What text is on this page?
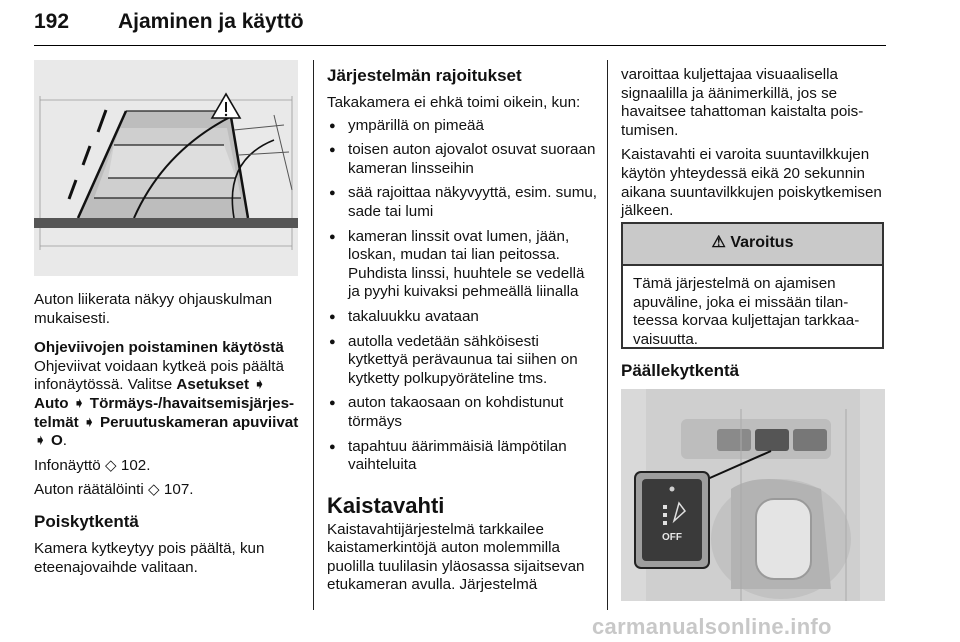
192 Ajaminen ja käyttö

Auton liikerata näkyy ohjauskulman mukaisesti.

Ohjeviivojen poistaminen käytöstä

Ohjeviivat voidaan kytkeä pois päältä infonäytössä. Valitse Asetukset ➧ Auto ➧ Törmäys-/havaitsemisjärjestelmät ➧ Peruutuskameran apuviivat ➧ O.

Infonäyttö ◇ 102.

Auton räätälöinti ◇ 107.

Poiskytkentä

Kamera kytkeytyy pois päältä, kun eteenajovaihde valitaan.

Järjestelmän rajoitukset

Takakamera ei ehkä toimi oikein, kun:

● ympärillä on pimeää
● toisen auton ajovalot osuvat suoraan kameran linsseihin
● sää rajoittaa näkyvyyttä, esim. sumu, sade tai lumi
● kameran linssit ovat lumen, jään, loskan, mudan tai lian peitossa. Puhdista linssi, huuhtele se vedellä ja pyyhi kuivaksi pehmeällä liinalla
● takaluukku avataan
● autolla vedetään sähköisesti kytkettyä perävaunua tai siihen on kytketty polkupyöräteline tms.
● auton takaosaan on kohdistunut törmäys
● tapahtuu äärimmäisiä lämpötilan vaihteluita

Kaistavahti

Kaistavahtijärjestelmä tarkkailee kaistamerkintöjä auton molemmilla puolilla tuulilasin yläosassa sijaitsevan etukameran avulla. Järjestelmä

varoittaa kuljettajaa visuaalisella signaalilla ja äänimerkillä, jos se havaitsee tahattoman kaistalta poistumisen.

Kaistavahti ei varoita suuntavilkkujen käytön yhteydessä eikä 20 sekunnin aikana suuntavilkkujen poiskytkemisen jälkeen.

⚠ Varoitus
Tämä järjestelmä on ajamisen apuväline, joka ei missään tilanteessa korvaa kuljettajan tarkkaavaisuutta.
Päällekytkentä
OFF
carmanualsonline.info
